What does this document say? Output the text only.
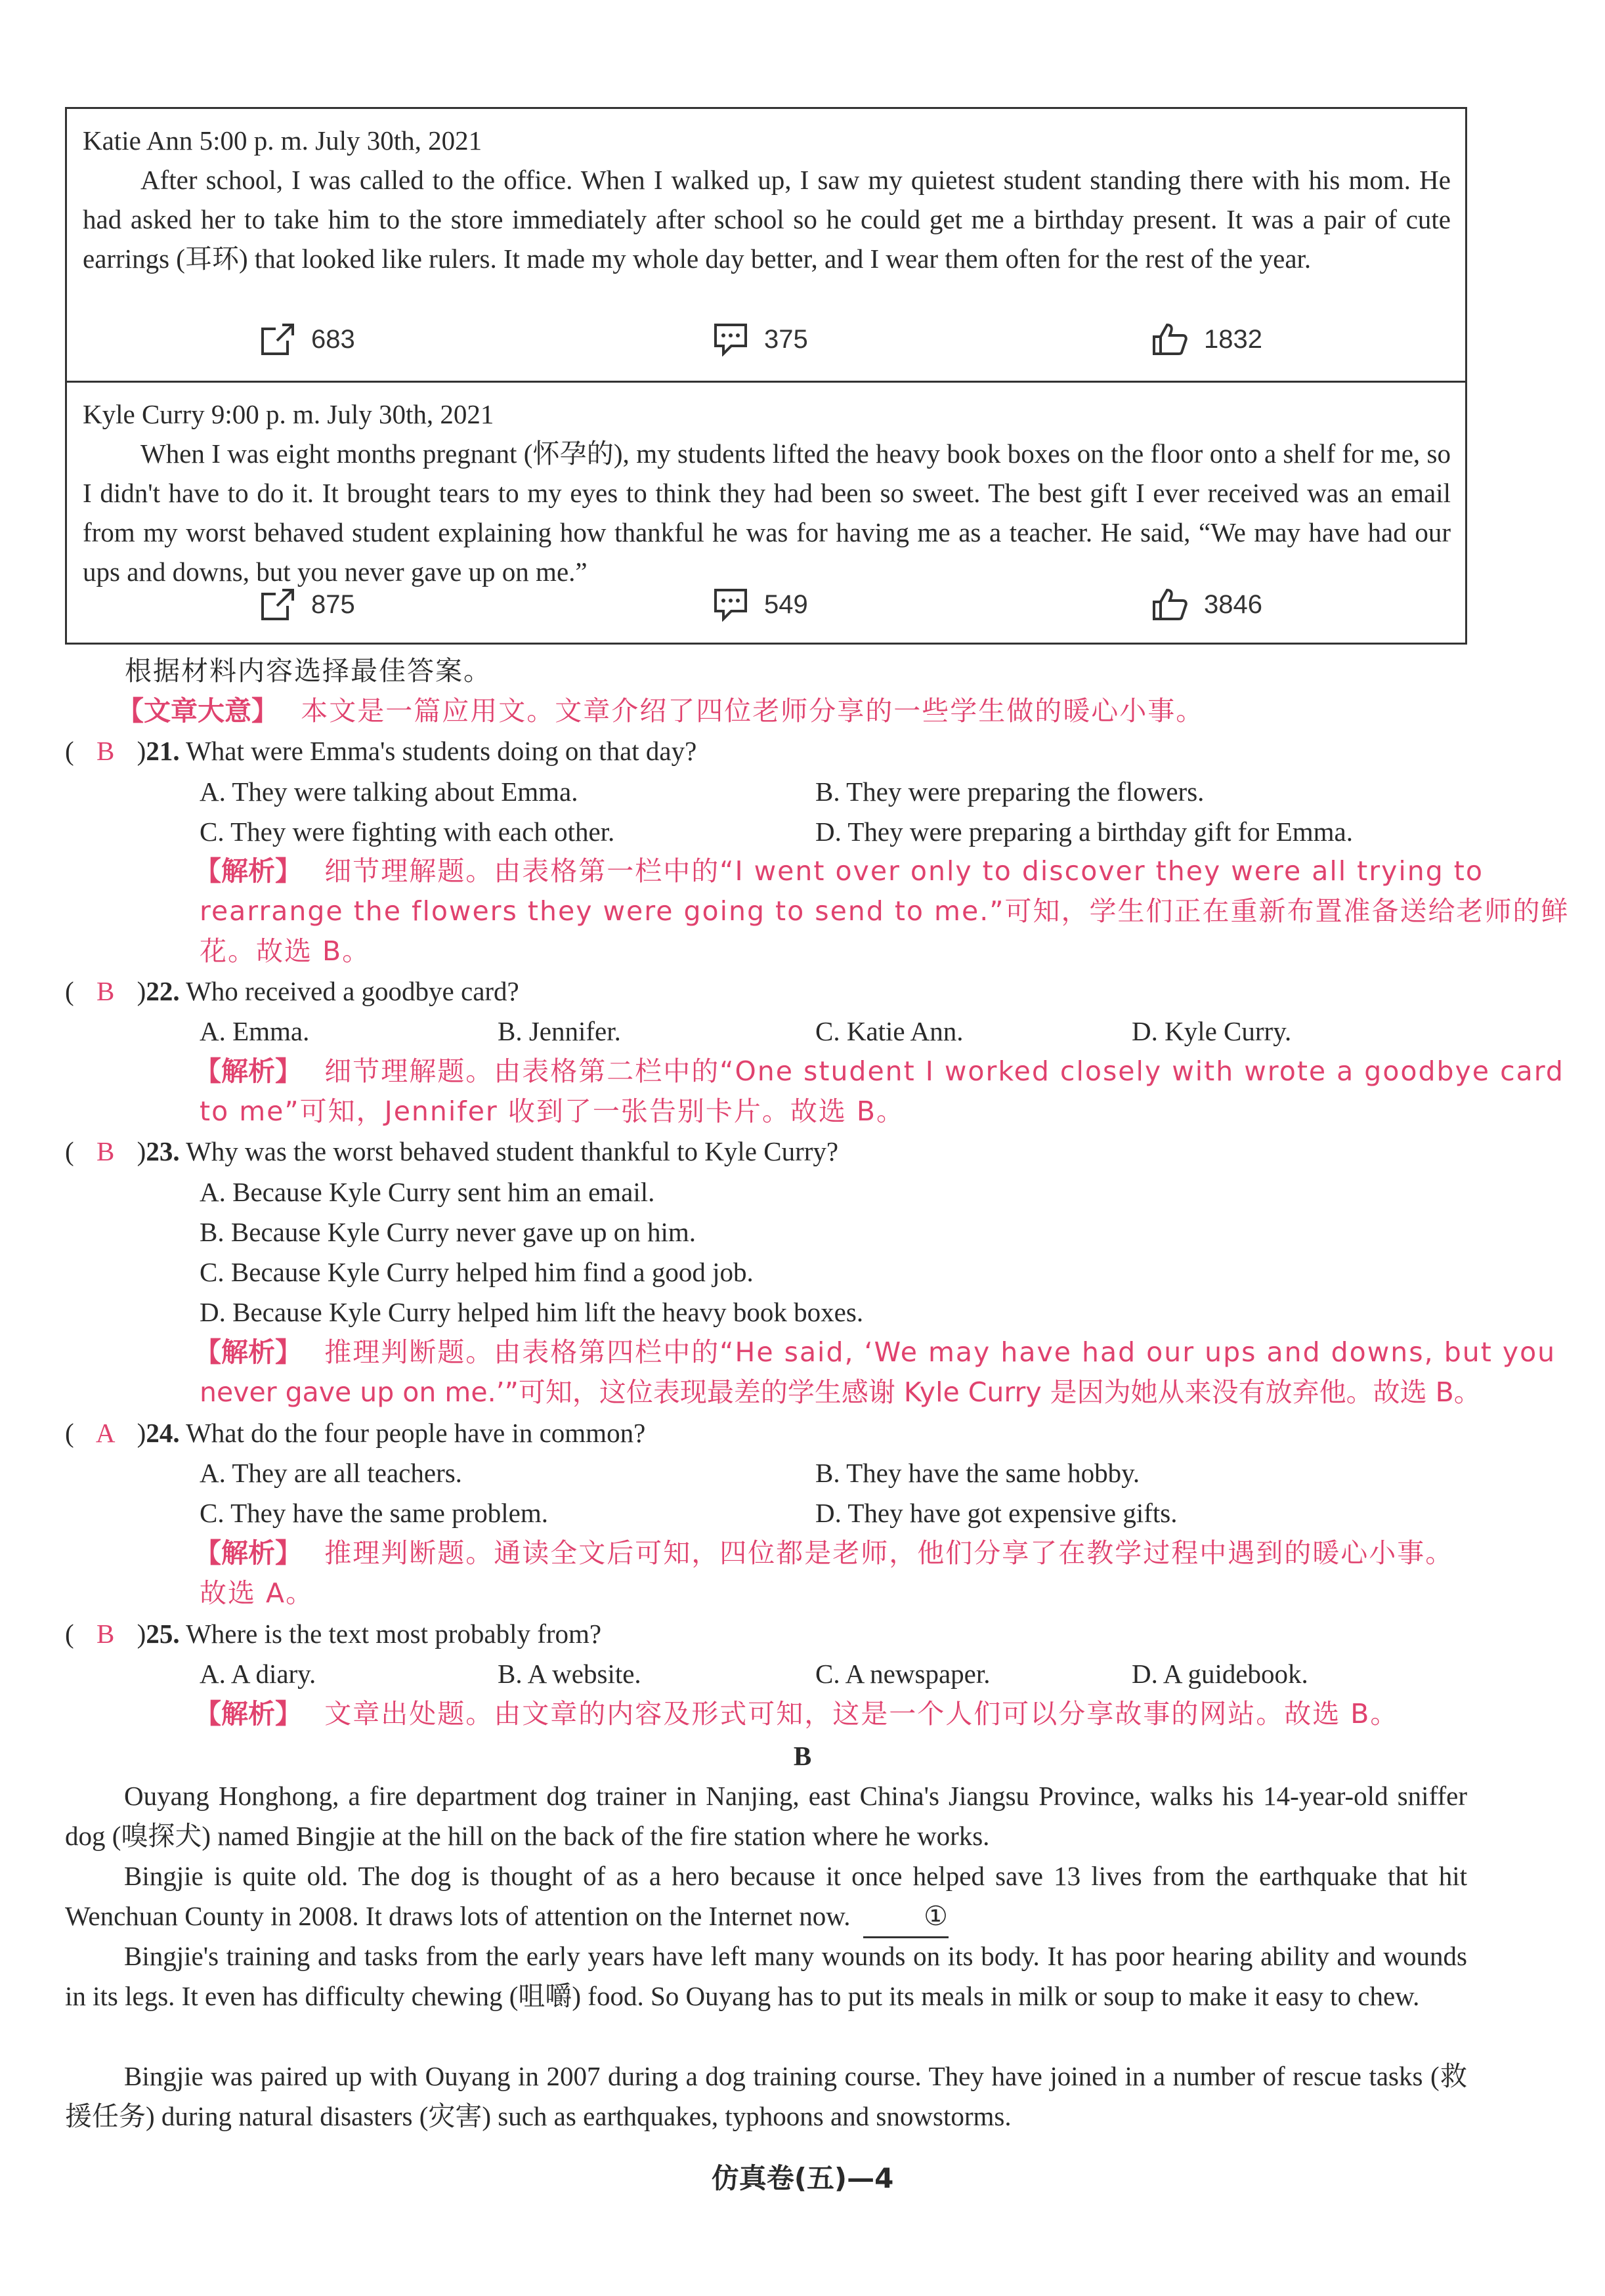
Katie Ann 5:00 p. m. July 30th, 2021
After school, I was called to the office. When I walked up, I saw my quietest student standing there with his mom. He had asked her to take him to the store immediately after school so he could get me a birthday present. It was a pair of cute earrings (耳环) that looked like rulers. It made my whole day better, and I wear them often for the rest of the year.
683	375	1832
Kyle Curry 9:00 p. m. July 30th, 2021
When I was eight months pregnant (怀孕的), my students lifted the heavy book boxes on the floor onto a shelf for me, so I didn't have to do it. It brought tears to my eyes to think they had been so sweet. The best gift I ever received was an email from my worst behaved student explaining how thankful he was for having me as a teacher. He said, “We may have had our ups and downs, but you never gave up on me.”
875	549	3846
根据材料内容选择最佳答案。
【文章大意】 本文是一篇应用文。文章介绍了四位老师分享的一些学生做的暖心小事。
( B )21. What were Emma's students doing on that day?
A. They were talking about Emma.	B. They were preparing the flowers.
C. They were fighting with each other.	D. They were preparing a birthday gift for Emma.
【解析】 细节理解题。由表格第一栏中的“I went over only to discover they were all trying to
rearrange the flowers they were going to send to me.”可知，学生们正在重新布置准备送给老师的鲜
花。故选 B。
( B )22. Who received a goodbye card?
A. Emma.	B. Jennifer.	C. Katie Ann.	D. Kyle Curry.
【解析】 细节理解题。由表格第二栏中的“One student I worked closely with wrote a goodbye card
to me”可知，Jennifer 收到了一张告别卡片。故选 B。
( B )23. Why was the worst behaved student thankful to Kyle Curry?
A. Because Kyle Curry sent him an email.
B. Because Kyle Curry never gave up on him.
C. Because Kyle Curry helped him find a good job.
D. Because Kyle Curry helped him lift the heavy book boxes.
【解析】 推理判断题。由表格第四栏中的“He said, ‘We may have had our ups and downs, but you
never gave up on me.’”可知，这位表现最差的学生感谢 Kyle Curry 是因为她从来没有放弃他。故选 B。
( A )24. What do the four people have in common?
A. They are all teachers.	B. They have the same hobby.
C. They have the same problem.	D. They have got expensive gifts.
【解析】 推理判断题。通读全文后可知，四位都是老师，他们分享了在教学过程中遇到的暖心小事。
故选 A。
( B )25. Where is the text most probably from?
A. A diary.	B. A website.	C. A newspaper.	D. A guidebook.
【解析】 文章出处题。由文章的内容及形式可知，这是一个人们可以分享故事的网站。故选 B。
B
Ouyang Honghong, a fire department dog trainer in Nanjing, east China's Jiangsu Province, walks his 14-year-old sniffer dog (嗅探犬) named Bingjie at the hill on the back of the fire station where he works.
Bingjie is quite old. The dog is thought of as a hero because it once helped save 13 lives from the earthquake that hit Wenchuan County in 2008. It draws lots of attention on the Internet now.	①
Bingjie's training and tasks from the early years have left many wounds on its body. It has poor hearing ability and wounds in its legs. It even has difficulty chewing (咀嚼) food. So Ouyang has to put its meals in milk or soup to make it easy to chew.
Bingjie was paired up with Ouyang in 2007 during a dog training course. They have joined in a number of rescue tasks (救援任务) during natural disasters (灾害) such as earthquakes, typhoons and snowstorms.
仿真卷(五)—4
